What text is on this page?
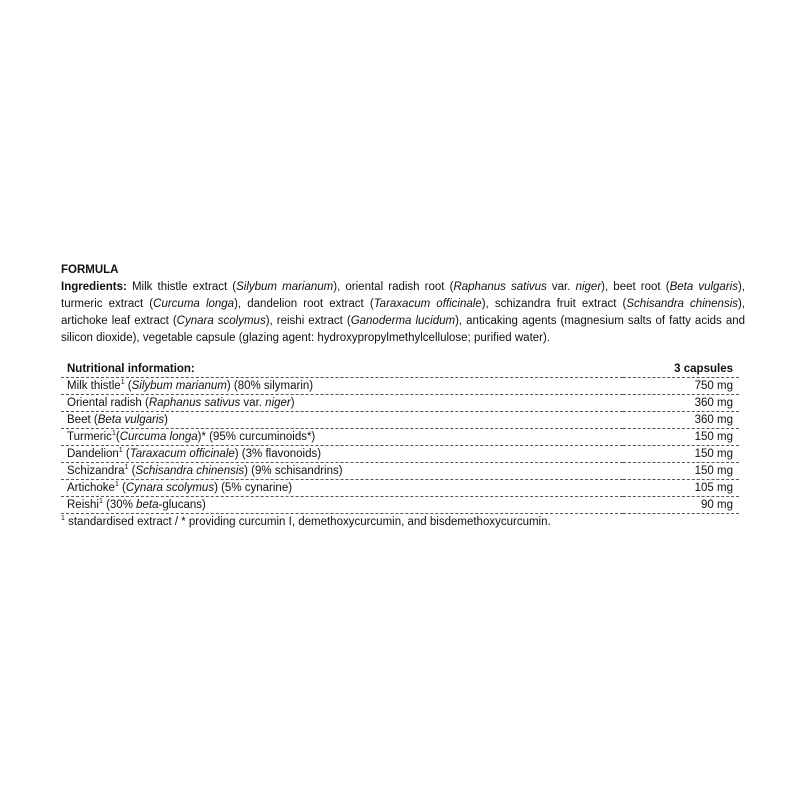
FORMULA
Ingredients: Milk thistle extract (Silybum marianum), oriental radish root (Raphanus sativus var. niger), beet root (Beta vulgaris), turmeric extract (Curcuma longa), dandelion root extract (Taraxacum officinale), schizandra fruit extract (Schisandra chinensis), artichoke leaf extract (Cynara scolymus), reishi extract (Ganoderma lucidum), anticaking agents (magnesium salts of fatty acids and silicon dioxide), vegetable capsule (glazing agent: hydroxypropylmethylcellulose; purified water).
Nutritional information:	3 capsules
Milk thistle$^1$ (Silybum marianum) (80% silymarin)	750 mg
Oriental radish (Raphanus sativus var. niger)	360 mg
Beet (Beta vulgaris)	360 mg
Turmeric$^1$(Curcuma longa)* (95% curcuminoids*)	150 mg
Dandelion$^1$ (Taraxacum officinale) (3% flavonoids)	150 mg
Schizandra$^1$ (Schisandra chinensis) (9% schisandrins)	150 mg
Artichoke$^1$ (Cynara scolymus) (5% cynarine)	105 mg
Reishi$^1$ (30% beta-glucans)	90 mg
$^1$ standardised extract / * providing curcumin I, demethoxycurcumin, and bisdemethoxycurcumin.
